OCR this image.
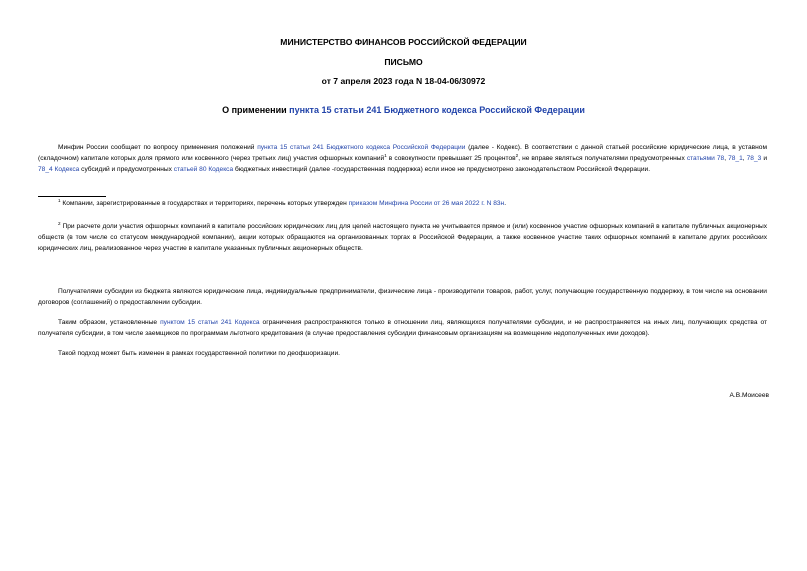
МИНИСТЕРСТВО ФИНАНСОВ РОССИЙСКОЙ ФЕДЕРАЦИИ
ПИСЬМО
от 7 апреля 2023 года N 18-04-06/30972
О применении пункта 15 статьи 241 Бюджетного кодекса Российской Федерации

Минфин России сообщает по вопросу применения положений пункта 15 статьи 241 Бюджетного кодекса Российской Федерации (далее - Кодекс). В соответствии с данной статьей российские юридические лица, в уставном (складочном) капитале которых доля прямого или косвенного (через третьих лиц) участия офшорных компаний$^1$ в совокупности превышает 25 процентов$^2$, не вправе являться получателями предусмотренных статьями 78, 78_1, 78_3 и 78_4 Кодекса субсидий и предусмотренных статьей 80 Кодекса бюджетных инвестиций (далее -государственная поддержка) если иное не предусмотрено законодательством Российской Федерации.

$^1$ Компании, зарегистрированные в государствах и территориях, перечень которых утвержден приказом Минфина России от 26 мая 2022 г. N 83н.

$^2$ При расчете доли участия офшорных компаний в капитале российских юридических лиц для целей настоящего пункта не учитывается прямое и (или) косвенное участие офшорных компаний в капитале публичных акционерных обществ (в том числе со статусом международной компании), акции которых обращаются на организованных торгах в Российской Федерации, а также косвенное участие таких офшорных компаний в капитале других российских юридических лиц, реализованное через участие в капитале указанных публичных акционерных обществ.

Получателями субсидии из бюджета являются юридические лица, индивидуальные предприниматели, физические лица - производители товаров, работ, услуг, получающие государственную поддержку, в том числе на основании договоров (соглашений) о предоставлении субсидии.

Таким образом, установленные пунктом 15 статьи 241 Кодекса ограничения распространяются только в отношении лиц, являющихся получателями субсидии, и не распространяется на иных лиц, получающих средства от получателя субсидии, в том числе заемщиков по программам льготного кредитования (в случае предоставления субсидии финансовым организациям на возмещение недополученных ими доходов).

Такой подход может быть изменен в рамках государственной политики по деофшоризации.

А.В.Моисеев
